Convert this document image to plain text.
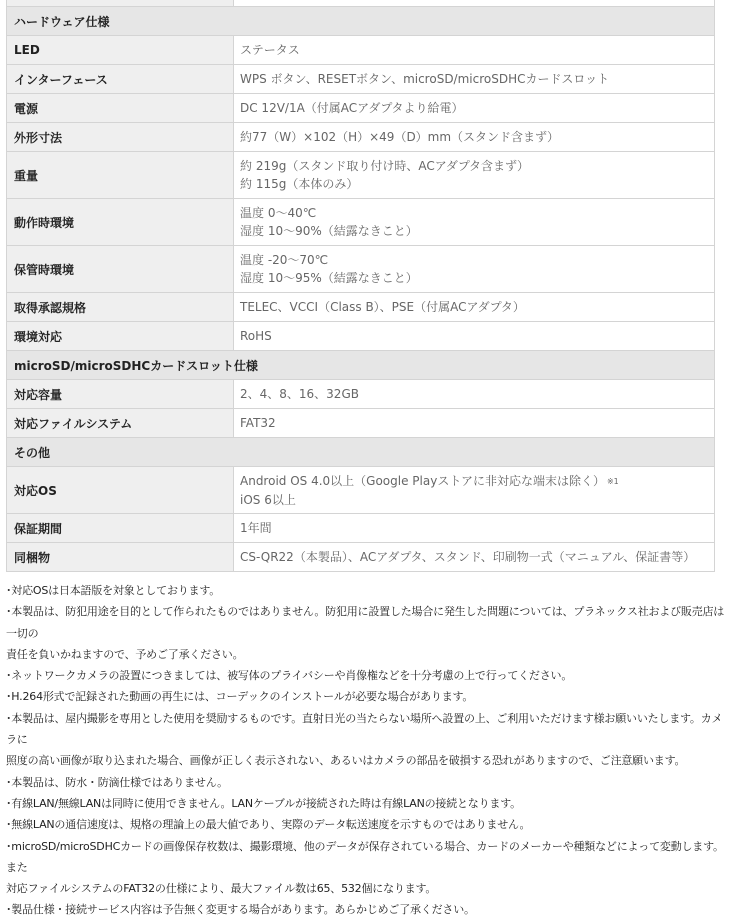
ハードウェア仕様	
LED	ステータス

インターフェース	WPS ボタン、RESETボタン、microSD/microSDHCカードスロット

電源	DC 12V/1A（付属ACアダプタより給電）

外形寸法	約77（W）×102（H）×49（D）mm（スタンド含まず）

重量	約 219g（スタンド取り付け時、ACアダプタ含まず）
約 115g（本体のみ）

動作時環境	温度 0～40℃
湿度 10～90%（結露なきこと）

保管時環境	温度 -20～70℃
湿度 10～95%（結露なきこと）

取得承認規格	TELEC、VCCI（Class B）、PSE（付属ACアダプタ）

環境対応	RoHS

microSD/microSDHCカードスロット仕様	
対応容量	2、4、8、16、32GB

対応ファイルシステム	FAT32

その他	
対応OS	Android OS 4.0以上（Google Playストアに非対応な端末は除く） ※1
iOS 6以上

保証期間	1年間

同梱物	CS-QR22（本製品）、ACアダプタ、スタンド、印刷物一式（マニュアル、保証書等）
･対応OSは日本語版を対象としております。
･本製品は、防犯用途を目的として作られたものではありません。防犯用に設置した場合に発生した問題については、プラネックス社および販売店は一切の
責任を負いかねますので、予めご了承ください。
･ネットワークカメラの設置につきましては、被写体のプライバシーや肖像権などを十分考慮の上で行ってください。
･H.264形式で記録された動画の再生には、コーデックのインストールが必要な場合があります。
･本製品は、屋内撮影を専用とした使用を奨励するものです。直射日光の当たらない場所へ設置の上、ご利用いただけます様お願いいたします。カメラに
照度の高い画像が取り込まれた場合、画像が正しく表示されない、あるいはカメラの部品を破損する恐れがありますので、ご注意願います。
･本製品は、防水・防滴仕様ではありません。
･有線LAN/無線LANは同時に使用できません。LANケーブルが接続された時は有線LANの接続となります。
･無線LANの通信速度は、規格の理論上の最大値であり、実際のデータ転送速度を示すものではありません。
･microSD/microSDHCカードの画像保存枚数は、撮影環境、他のデータが保存されている場合、カードのメーカーや種類などによって変動します。また
対応ファイルシステムのFAT32の仕様により、最大ファイル数は65、532個になります。
･製品仕様・接続サービス内容は予告無く変更する場合があります。あらかじめご了承ください。
